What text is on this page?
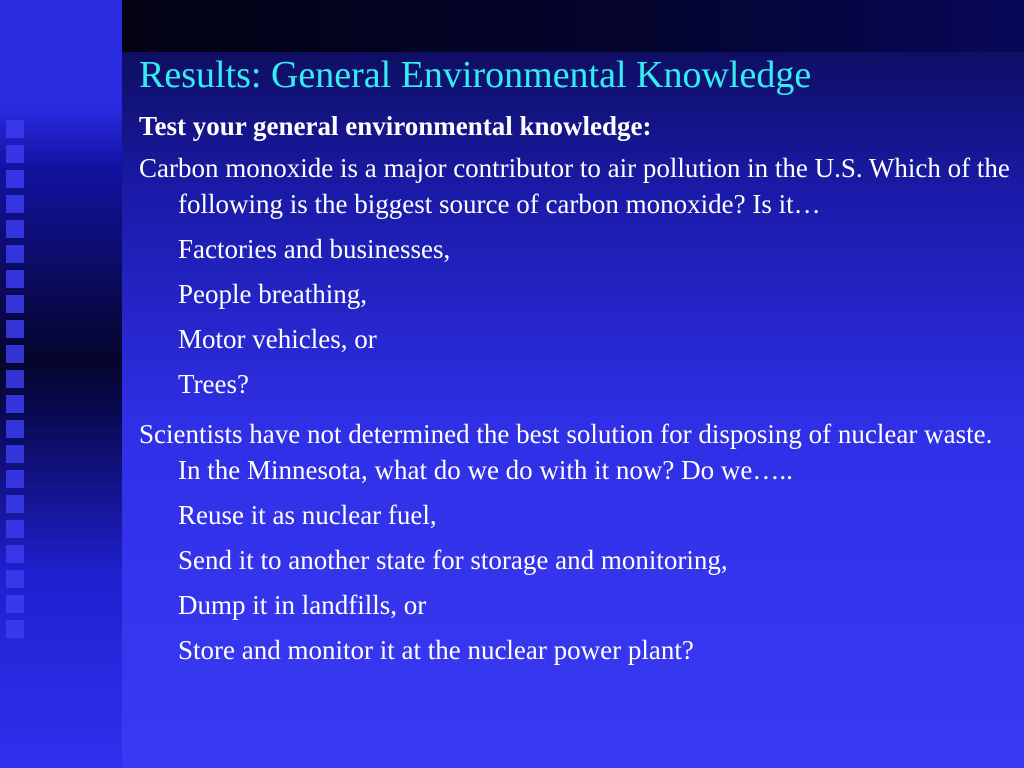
Results: General Environmental Knowledge

Test your general environmental knowledge:

Carbon monoxide is a major contributor to air pollution in the U.S. Which of the following is the biggest source of carbon monoxide? Is it…

Factories and businesses,

People breathing,

Motor vehicles, or

Trees?

Scientists have not determined the best solution for disposing of nuclear waste. In the Minnesota, what do we do with it now? Do we…..

Reuse it as nuclear fuel,

Send it to another state for storage and monitoring,

Dump it in landfills, or

Store and monitor it at the nuclear power plant?
